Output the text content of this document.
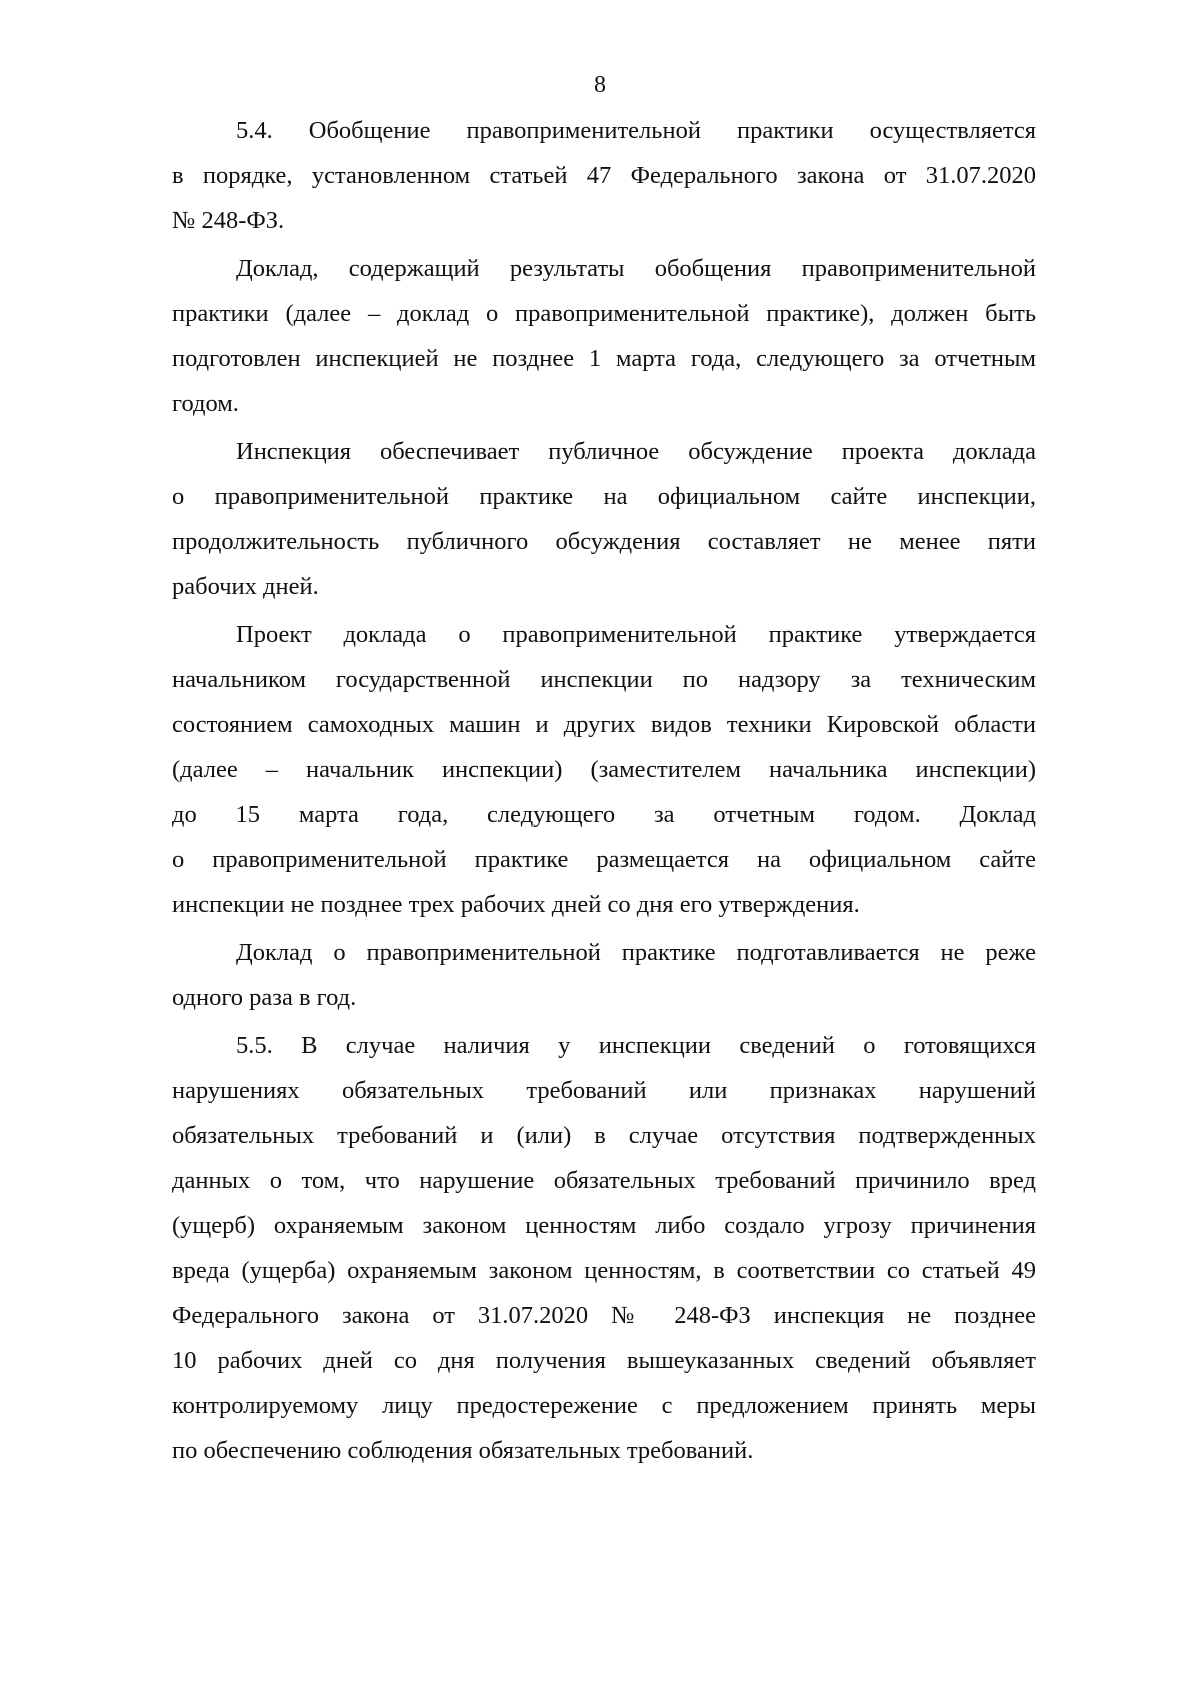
8
5.4. Обобщение правоприменительной практики осуществляется
в порядке, установленном статьей 47 Федерального закона от 31.07.2020
№ 248-ФЗ.
Доклад, содержащий результаты обобщения правоприменительной
практики (далее – доклад о правоприменительной практике), должен быть
подготовлен инспекцией не позднее 1 марта года, следующего за отчетным
годом.
Инспекция обеспечивает публичное обсуждение проекта доклада
о правоприменительной практике на официальном сайте инспекции,
продолжительность публичного обсуждения составляет не менее пяти
рабочих дней.
Проект доклада о правоприменительной практике утверждается
начальником государственной инспекции по надзору за техническим
состоянием самоходных машин и других видов техники Кировской области
(далее – начальник инспекции) (заместителем начальника инспекции)
до 15 марта года, следующего за отчетным годом. Доклад
о правоприменительной практике размещается на официальном сайте
инспекции не позднее трех рабочих дней со дня его утверждения.
Доклад о правоприменительной практике подготавливается не реже
одного раза в год.
5.5. В случае наличия у инспекции сведений о готовящихся
нарушениях обязательных требований или признаках нарушений
обязательных требований и (или) в случае отсутствия подтвержденных
данных о том, что нарушение обязательных требований причинило вред
(ущерб) охраняемым законом ценностям либо создало угрозу причинения
вреда (ущерба) охраняемым законом ценностям, в соответствии со статьей 49
Федерального закона от 31.07.2020 № 248-ФЗ инспекция не позднее
10 рабочих дней со дня получения вышеуказанных сведений объявляет
контролируемому лицу предостережение с предложением принять меры
по обеспечению соблюдения обязательных требований.
